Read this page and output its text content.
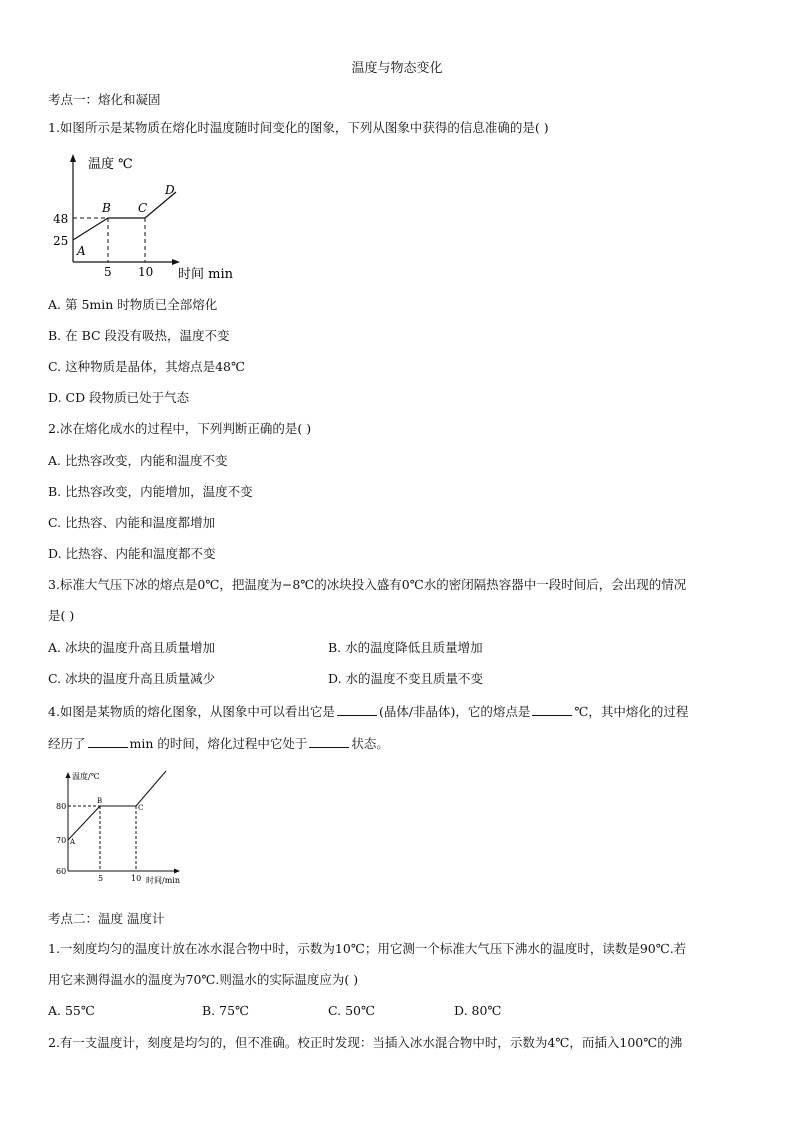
温度与物态变化
考点一：熔化和凝固
1.如图所示是某物质在熔化时温度随时间变化的图象，下列从图象中获得的信息准确的是( )
温度 ℃
时间 min
48
25
5 10
A
B C
D
A. 第 5min 时物质已全部熔化
B. 在 BC 段没有吸热，温度不变
C. 这种物质是晶体，其熔点是48℃
D. CD 段物质已处于气态
2.冰在熔化成水的过程中，下列判断正确的是( )
A. 比热容改变，内能和温度不变
B. 比热容改变，内能增加，温度不变
C. 比热容、内能和温度都增加
D. 比热容、内能和温度都不变
3.标准大气压下冰的熔点是0℃，把温度为−8℃的冰块投入盛有0℃水的密闭隔热容器中一段时间后，会出现的情况
是( )
A. 冰块的温度升高且质量增加	B. 水的温度降低且质量增加
C. 冰块的温度升高且质量减少	D. 水的温度不变且质量不变
4.如图是某物质的熔化图象，从图象中可以看出它是	(晶体/非晶体)，它的熔点是	℃，其中熔化的过程
经历了	min 的时间，熔化过程中它处于	状态。
温度/℃
时间/min
80
70
60
5	10
A
B
C
考点二：温度 温度计
1.一刻度均匀的温度计放在冰水混合物中时，示数为10℃；用它测一个标准大气压下沸水的温度时，读数是90℃.若
用它来测得温水的温度为70℃.则温水的实际温度应为( )
A. 55℃	B. 75℃	C. 50℃	D. 80℃
2.有一支温度计，刻度是均匀的，但不准确。校正时发现：当插入冰水混合物中时，示数为4℃，而插入100℃的沸
